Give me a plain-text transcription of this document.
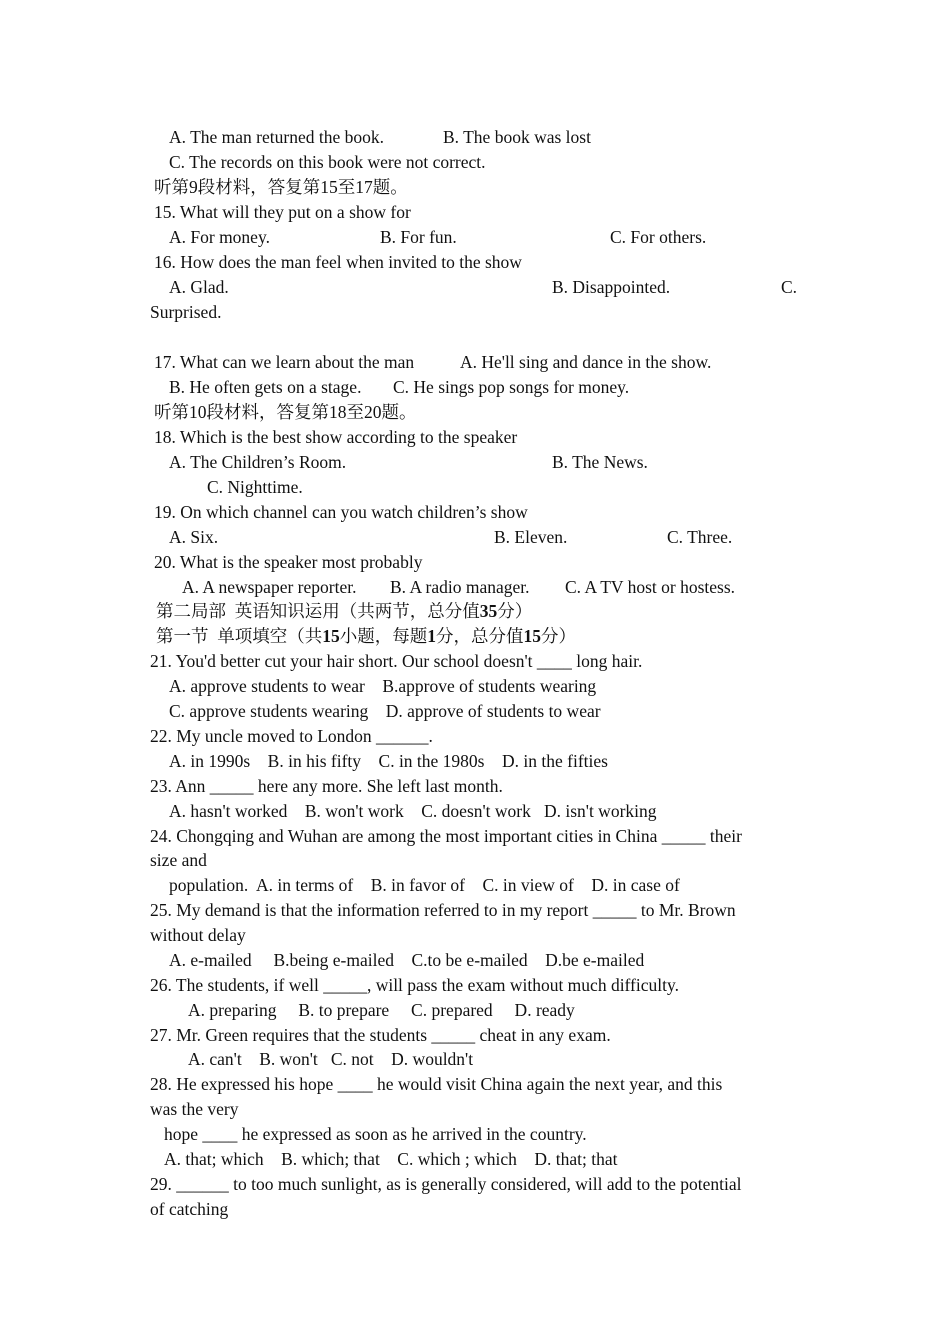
A. The man returned the book.	B. The book was lost
C. The records on this book were not correct.
听第9段材料，答复第15至17题。
15. What will they put on a show for
A. For money.	B. For fun.	C. For others.
16. How does the man feel when invited to the show
A. Glad.	B. Disappointed.	C.
Surprised.
17. What can we learn about the man	A. He'll sing and dance in the show.
B. He often gets on a stage. C. He sings pop songs for money.
听第10段材料，答复第18至20题。
18. Which is the best show according to the speaker
A. The Children’s Room.	B. The News.
C. Nighttime.
19. On which channel can you watch children’s show
A. Six.	B. Eleven.	C. Three.
20. What is the speaker most probably
A. A newspaper reporter. B. A radio manager. C. A TV host or hostess.
第二局部  英语知识运用（共两节，总分值35分）
第一节  单项填空（共15小题，每题1分，总分值15分）
21. You'd better cut your hair short. Our school doesn't ____ long hair.
A. approve students to wear    B.approve of students wearing
C. approve students wearing    D. approve of students to wear
22. My uncle moved to London ______.
A. in 1990s    B. in his fifty    C. in the 1980s    D. in the fifties
23. Ann _____ here any more. She left last month.
A. hasn't worked    B. won't work    C. doesn't work   D. isn't working
24. Chongqing and Wuhan are among the most important cities in China _____ their
size and
population.  A. in terms of    B. in favor of    C. in view of    D. in case of
25. My demand is that the information referred to in my report _____ to Mr. Brown
without delay
A. e-mailed     B.being e-mailed    C.to be e-mailed    D.be e-mailed
26. The students, if well _____, will pass the exam without much difficulty.
A. preparing     B. to prepare     C. prepared     D. ready
27. Mr. Green requires that the students _____ cheat in any exam.
A. can't    B. won't   C. not    D. wouldn't
28. He expressed his hope ____ he would visit China again the next year, and this
was the very
hope ____ he expressed as soon as he arrived in the country.
A. that; which    B. which; that    C. which ; which    D. that; that
29. ______ to too much sunlight, as is generally considered, will add to the potential
of catching
